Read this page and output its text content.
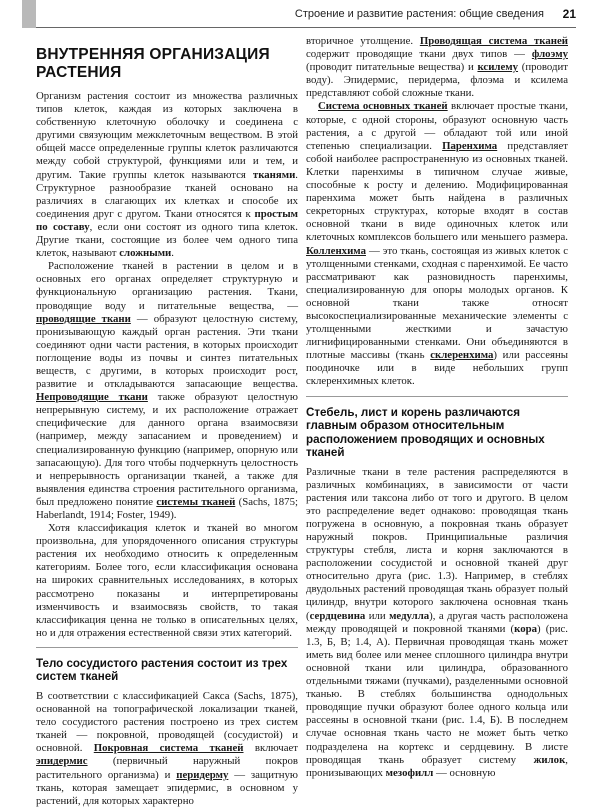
Строение и развитие растения: общие сведения 21
ВНУТРЕННЯЯ ОРГАНИЗАЦИЯ РАСТЕНИЯ

Организм растения состоит из множества различных типов клеток, каждая из которых заключена в собственную клеточную оболочку и соединена с другими связующим межклеточным веществом. В этой общей массе определенные группы клеток различаются между собой структурой, функциями или и тем, и другим. Такие группы клеток называются тканями. Структурное разнообразие тканей основано на различиях в слагающих их клетках и способе их соединения друг с другом. Ткани относятся к простым по составу, если они состоят из одного типа клеток. Другие ткани, состоящие из более чем одного типа клеток, называют сложными.

Расположение тканей в растении в целом и в основных его органах определяет структурную и функциональную организацию растения. Ткани, проводящие воду и питательные вещества, — проводящие ткани — образуют целостную систему, пронизывающую каждый орган растения. Эти ткани соединяют одни части растения, в которых происходит поглощение воды из почвы и синтез питательных веществ, с другими, в которых происходит рост, развитие и откладываются запасающие вещества. Непроводящие ткани также образуют целостную непрерывную систему, и их расположение отражает специфические для данного органа взаимосвязи (например, между запасанием и проведением) и специализированную функцию (например, опорную или запасающую). Для того чтобы подчеркнуть целостность и непрерывность организации тканей, а также для выявления единства строения растительного организма, был предложено понятие системы тканей (Sachs, 1875; Haberlandt, 1914; Foster, 1949).

Хотя классификация клеток и тканей во многом произвольна, для упорядоченного описания структуры растения их необходимо относить к определенным категориям. Более того, если классификация основана на широких сравнительных исследованиях, в которых рассмотрено показаны и интерпретированы изменчивость и взаимосвязь свойств, то такая классификация ценна не только в описательных целях, но и для отражения естественной связи этих категорий.

Тело сосудистого растения состоит из трех систем тканей

В соответствии с классификацией Сакса (Sachs, 1875), основанной на топографической локализации тканей, тело сосудистого растения построено из трех систем тканей — покровной, проводящей (сосудистой) и основной. Покровная система тканей включает эпидермис (первичный наружный покров растительного организма) и перидерму — защитную ткань, которая замещает эпидермис, в основном у растений, для которых характерно

вторичное утолщение. Проводящая система тканей содержит проводящие ткани двух типов — флоэму (проводит питательные вещества) и ксилему (проводит воду). Эпидермис, перидерма, флоэма и ксилема представляют собой сложные ткани.

Система основных тканей включает простые ткани, которые, с одной стороны, образуют основную часть растения, а с другой — обладают той или иной степенью специализации. Паренхима представляет собой наиболее распространенную из основных тканей. Клетки паренхимы в типичном случае живые, способные к росту и делению. Модифицированная паренхима может быть найдена в различных секреторных структурах, которые входят в состав основной ткани в виде одиночных клеток или клеточных комплексов большего или меньшего размера. Колленхима — это ткань, состоящая из живых клеток с утолщенными стенками, сходная с паренхимой. Ее часто рассматривают как разновидность паренхимы, специализированную для опоры молодых органов. К основной ткани также относят высокоспециализированные механические элементы с утолщенными жесткими и зачастую лигнифицированными стенками. Они объединяются в плотные массивы (ткань склеренхима) или рассеяны поодиночке или в виде небольших групп склеренхимных клеток.

Стебель, лист и корень различаются главным образом относительным расположением проводящих и основных тканей

Различные ткани в теле растения распределяются в различных комбинациях, в зависимости от части растения или таксона либо от того и другого. В целом это распределение ведет однаково: проводящая ткань погружена в основную, а покровная ткань образует наружный покров. Принципиальные различия структуры стебля, листа и корня заключаются в расположении сосудистой и основной тканей друг относительно друга (рис. 1.3). Например, в стеблях двудольных растений проводящая ткань образует полый цилиндр, внутри которого заключена основная ткань (сердцевина или медулла), а другая часть расположена между проводящей и покровной тканями (кора) (рис. 1.3, Б, В; 1.4, А). Первичная проводящая ткань может иметь вид более или менее сплошного цилиндра внутри основной ткани или цилиндра, образованного отдельными тяжами (пучками), разделенными основной тканью. В стеблях большинства однодольных проводящие пучки образуют более одного кольца или рассеяны в основной ткани (рис. 1.4, Б). В последнем случае основная ткань часто не может быть четко подразделена на кортекс и сердцевину. В листе проводящая ткань образует систему жилок, пронизывающих мезофилл — основную
